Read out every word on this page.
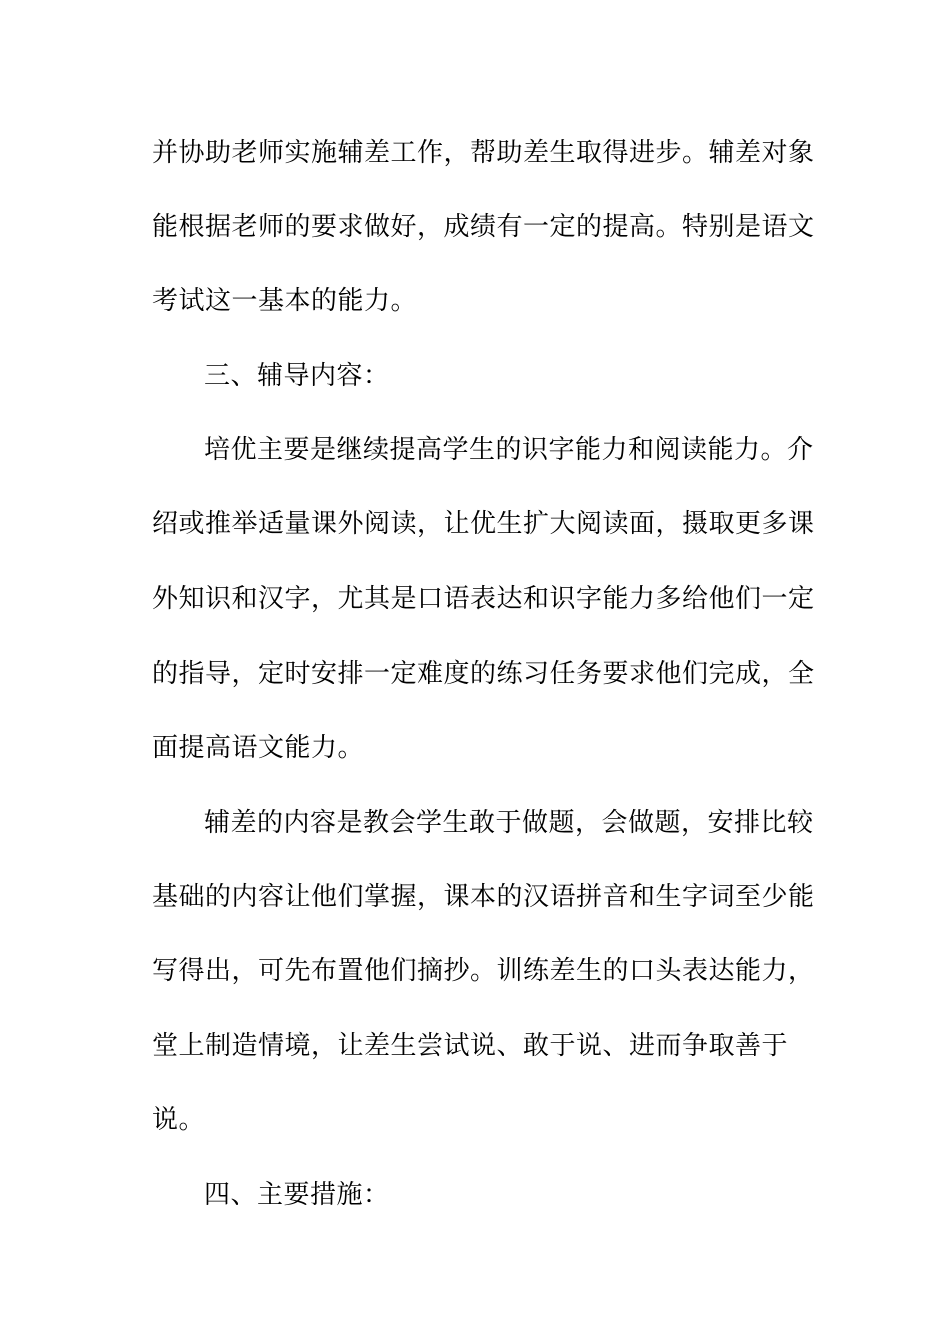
并协助老师实施辅差工作，帮助差生取得进步。辅差对象
能根据老师的要求做好，成绩有一定的提高。特别是语文
考试这一基本的能力。
三、辅导内容：
培优主要是继续提高学生的识字能力和阅读能力。介
绍或推举适量课外阅读，让优生扩大阅读面，摄取更多课
外知识和汉字，尤其是口语表达和识字能力多给他们一定
的指导，定时安排一定难度的练习任务要求他们完成，全
面提高语文能力。
辅差的内容是教会学生敢于做题，会做题，安排比较
基础的内容让他们掌握，课本的汉语拼音和生字词至少能
写得出，可先布置他们摘抄。训练差生的口头表达能力，
堂上制造情境，让差生尝试说、敢于说、进而争取善于
说。
四、主要措施：
